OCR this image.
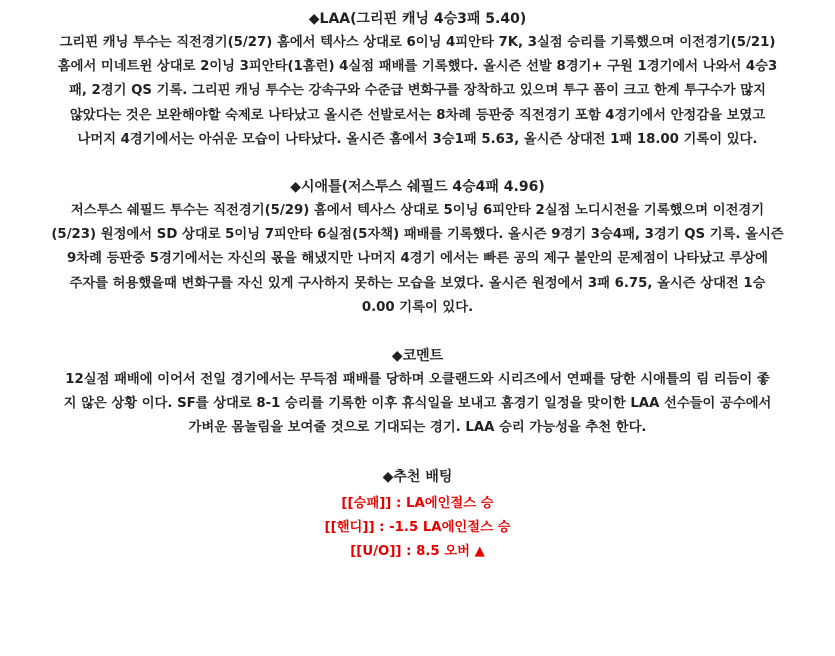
◆LAA(그리핀 캐닝 4승3패 5.40)
그리핀 캐닝 투수는 직전경기(5/27) 홈에서 텍사스 상대로 6이닝 4피안타 7K, 3실점 승리를 기록했으며 이전경기(5/21)
홈에서 미네트윈 상대로 2이닝 3피안타(1홈런) 4실점 패배를 기록했다. 올시즌 선발 8경기+ 구원 1경기에서 나와서 4승3
패, 2경기 QS 기록. 그리핀 캐닝 투수는 강속구와 수준급 변화구를 장착하고 있으며 투구 폼이 크고 한계 투구수가 많지
않았다는 것은 보완해야할 숙제로 나타났고 올시즌 선발로서는 8차례 등판중 직전경기 포함 4경기에서 안정감을 보였고
나머지 4경기에서는 아쉬운 모습이 나타났다. 올시즌 홈에서 3승1패 5.63, 올시즌 상대전 1패 18.00 기록이 있다.
◆시애틀(저스투스 쉐필드 4승4패 4.96)
저스투스 쉐필드 투수는 직전경기(5/29) 홈에서 텍사스 상대로 5이닝 6피안타 2실점 노디시전을 기록했으며 이전경기
(5/23) 원정에서 SD 상대로 5이닝 7피안타 6실점(5자책) 패배를 기록했다. 올시즌 9경기 3승4패, 3경기 QS 기록. 올시즌
9차례 등판중 5경기에서는 자신의 몫을 해냈지만 나머지 4경기 에서는 빠른 공의 제구 불안의 문제점이 나타났고 루상에
주자를 허용했을때 변화구를 자신 있게 구사하지 못하는 모습을 보였다. 올시즌 원정에서 3패 6.75, 올시즌 상대전 1승
0.00 기록이 있다.
◆코멘트
12실점 패배에 이어서 전일 경기에서는 무득점 패배를 당하며 오클랜드와 시리즈에서 연패를 당한 시애틀의 림 리듬이 좋
지 않은 상황 이다. SF를 상대로 8-1 승리를 기록한 이후 휴식일을 보내고 홈경기 일정을 맞이한 LAA 선수들이 공수에서
가벼운 몸놀림을 보여줄 것으로 기대되는 경기. LAA 승리 가능성을 추천 한다.
◆추천 배팅
[[승패]] : LA에인절스 승
[[핸디]] : -1.5 LA에인절스 승
[[U/O]] : 8.5 오버 ▲
